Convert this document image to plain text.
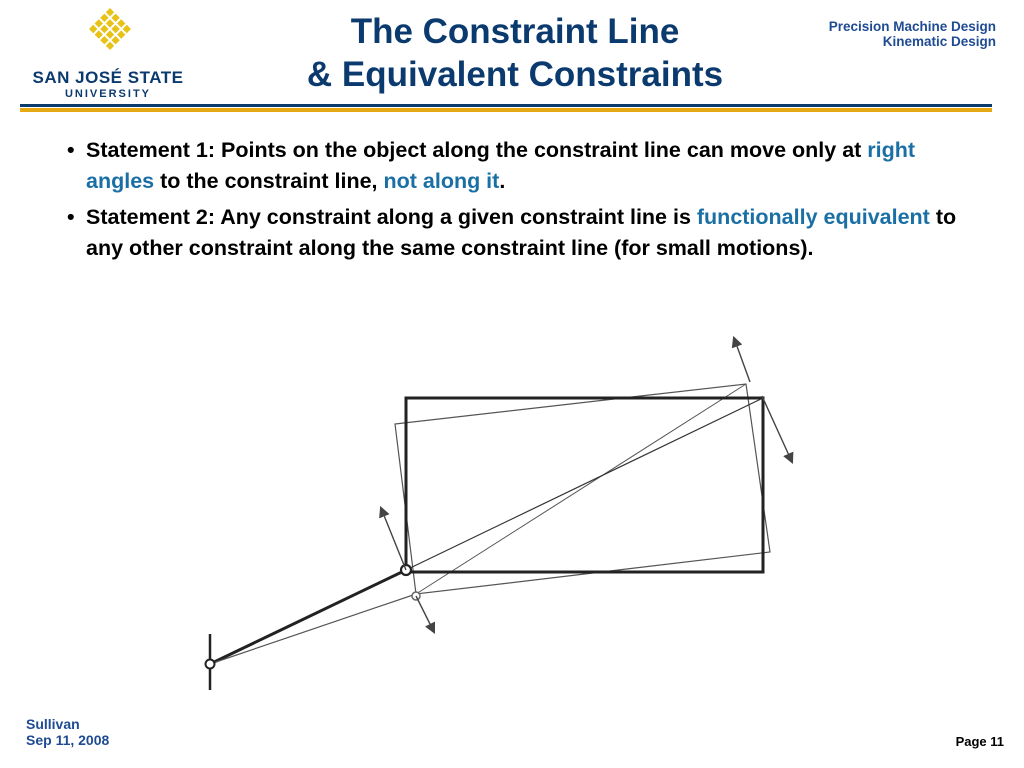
SAN JOSÉ STATE
UNIVERSITY
The Constraint Line
& Equivalent Constraints
Precision Machine Design
Kinematic Design
• Statement 1: Points on the object along the constraint line can move only at right angles to the constraint line, not along it.
• Statement 2: Any constraint along a given constraint line is functionally equivalent to any other constraint along the same constraint line (for small motions).
Sullivan
Sep 11, 2008	Page 11
